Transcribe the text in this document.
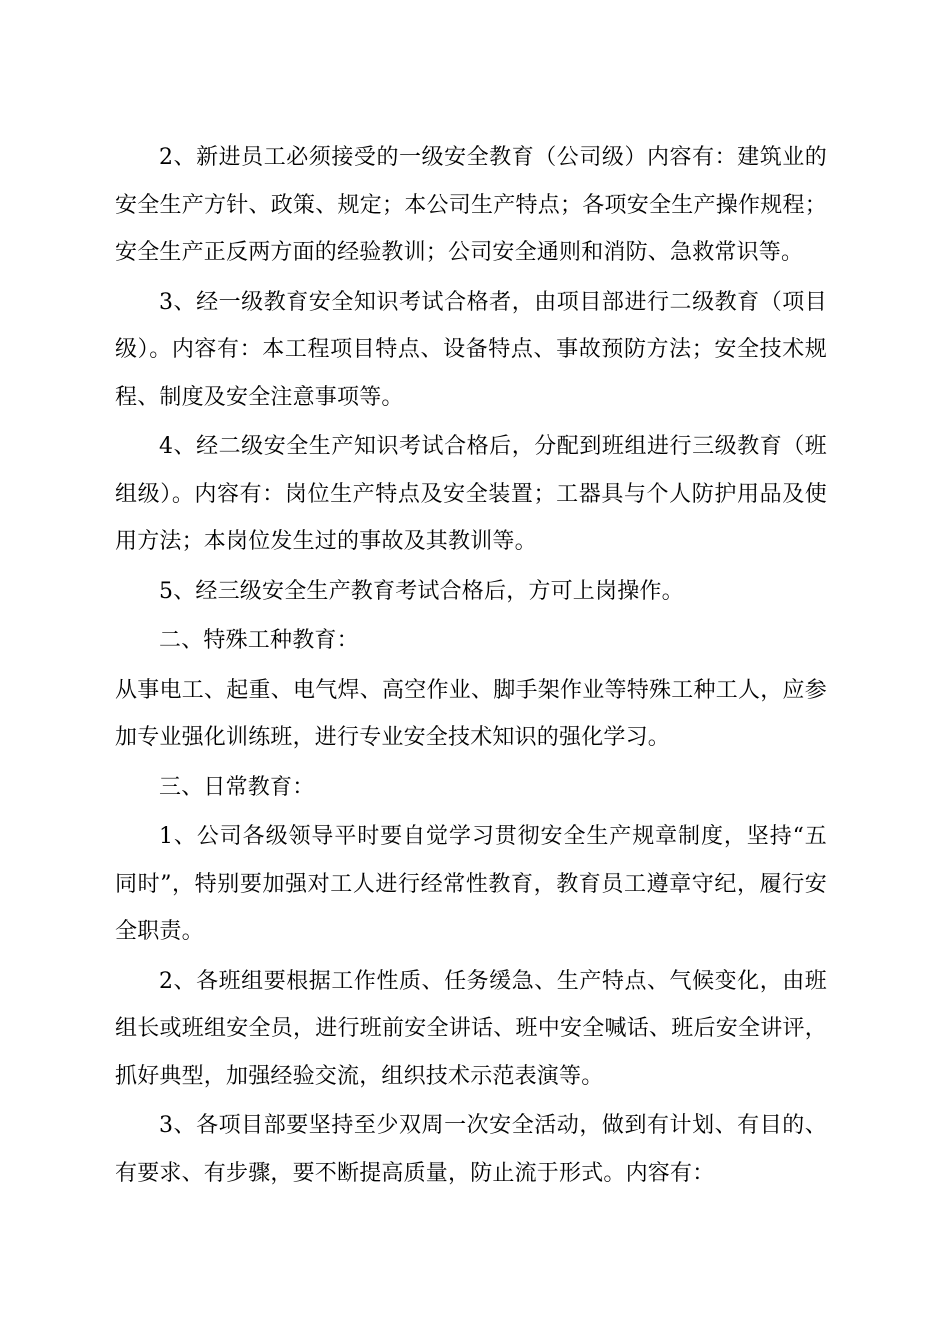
2、新进员工必须接受的一级安全教育（公司级）内容有：建筑业的安全生产方针、政策、规定；本公司生产特点；各项安全生产操作规程；安全生产正反两方面的经验教训；公司安全通则和消防、急救常识等。

3、经一级教育安全知识考试合格者，由项目部进行二级教育（项目级）。内容有：本工程项目特点、设备特点、事故预防方法；安全技术规程、制度及安全注意事项等。

4、经二级安全生产知识考试合格后，分配到班组进行三级教育（班组级）。内容有：岗位生产特点及安全装置；工器具与个人防护用品及使用方法；本岗位发生过的事故及其教训等。

5、经三级安全生产教育考试合格后，方可上岗操作。

二、特殊工种教育：

从事电工、起重、电气焊、高空作业、脚手架作业等特殊工种工人，应参加专业强化训练班，进行专业安全技术知识的强化学习。

三、日常教育：

1、公司各级领导平时要自觉学习贯彻安全生产规章制度，坚持“五同时”，特别要加强对工人进行经常性教育，教育员工遵章守纪，履行安全职责。

2、各班组要根据工作性质、任务缓急、生产特点、气候变化，由班组长或班组安全员，进行班前安全讲话、班中安全喊话、班后安全讲评，抓好典型，加强经验交流，组织技术示范表演等。

3、各项目部要坚持至少双周一次安全活动，做到有计划、有目的、有要求、有步骤，要不断提高质量，防止流于形式。内容有：
